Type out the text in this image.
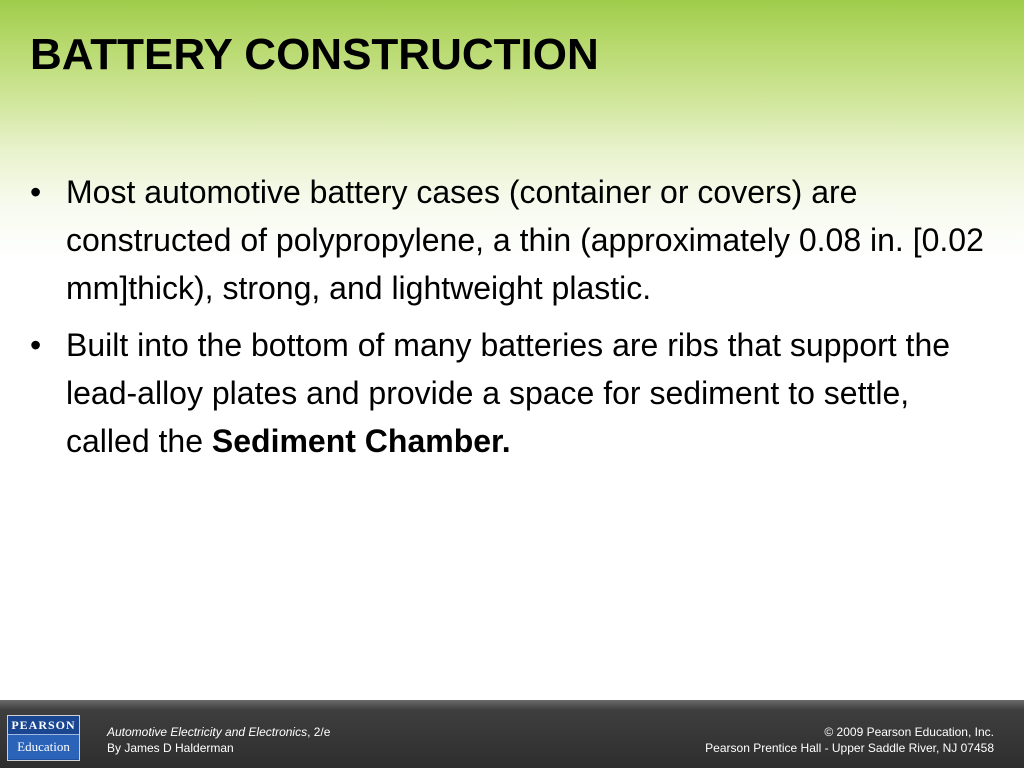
BATTERY CONSTRUCTION
• Most automotive battery cases (container or covers) are constructed of polypropylene, a thin (approximately 0.08 in. [0.02 mm]thick), strong, and lightweight plastic.
• Built into the bottom of many batteries are ribs that support the lead-alloy plates and provide a space for sediment to settle, called the Sediment Chamber.
PEARSON
Education
Automotive Electricity and Electronics, 2/e
By James D Halderman
© 2009 Pearson Education, Inc.
Pearson Prentice Hall - Upper Saddle River, NJ 07458
